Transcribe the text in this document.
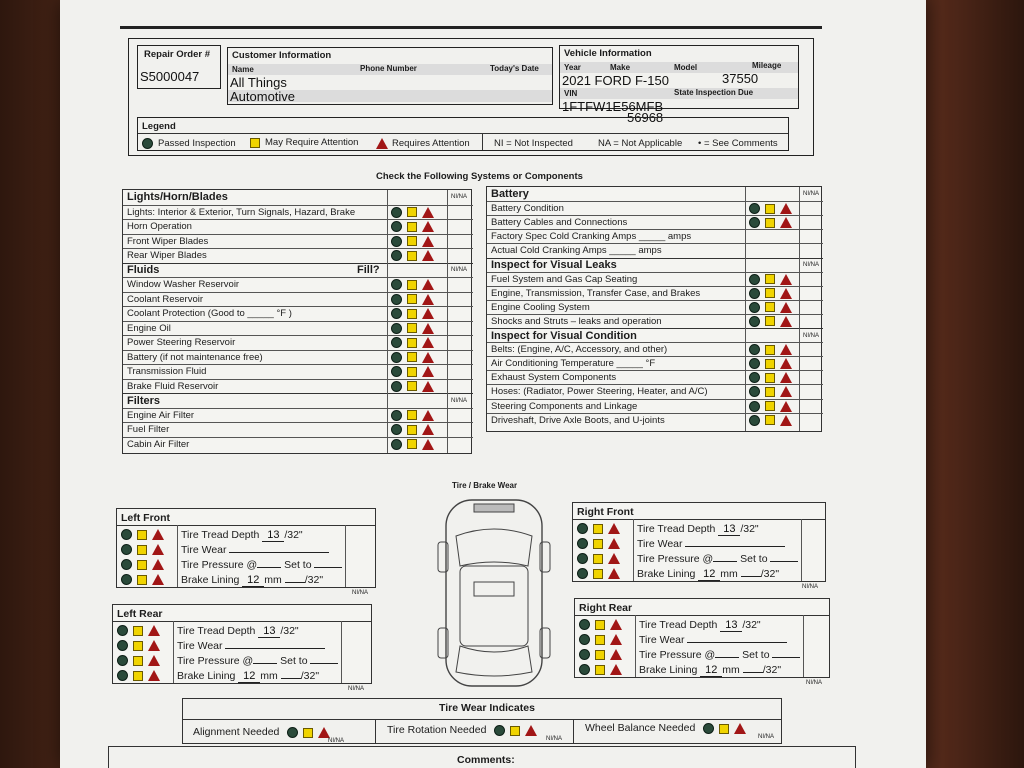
Repair Order #
S5000047
Customer Information
Name	Phone Number	Today's Date
All Things
Automotive
Vehicle Information
Year	Make	Model	Mileage
2021 FORD F-150	37550
VIN	State Inspection Due
1FTFW1E56MFB
56968
Legend
Passed Inspection	May Require Attention	Requires Attention	NI = Not Inspected	NA = Not Applicable • = See Comments
Check the Following Systems or Components
Lights/Horn/Blades	NI/NA
Lights: Interior & Exterior, Turn Signals, Hazard, Brake
Horn Operation
Front Wiper Blades
Rear Wiper Blades
Fluids	Fill?	NI/NA
Window Washer Reservoir
Coolant Reservoir
Coolant Protection (Good to _____ °F )
Engine Oil
Power Steering Reservoir
Battery (if not maintenance free)
Transmission Fluid
Brake Fluid Reservoir
Filters	NI/NA
Engine Air Filter
Fuel Filter
Cabin Air Filter
Battery	NI/NA
Battery Condition
Battery Cables and Connections
Factory Spec Cold Cranking Amps _____ amps
Actual Cold Cranking Amps _____ amps
Inspect for Visual Leaks	NI/NA
Fuel System and Gas Cap Seating
Engine, Transmission, Transfer Case, and Brakes
Engine Cooling System
Shocks and Struts – leaks and operation
Inspect for Visual Condition	NI/NA
Belts: (Engine, A/C, Accessory, and other)
Air Conditioning Temperature _____ °F
Exhaust System Components
Hoses: (Radiator, Power Steering, Heater, and A/C)
Steering Components and Linkage
Driveshaft, Drive Axle Boots, and U-joints
Tire / Brake Wear
Left Front
Tire Tread Depth 13 /32"
Tire Wear
Tire Pressure @	Set to
Brake Lining 12 mm /32"
NI/NA
Left Rear
Tire Tread Depth 13 /32"
Tire Wear
Tire Pressure @	Set to
Brake Lining 12 mm /32"
NI/NA
Right Front
Tire Tread Depth 13 /32"
Tire Wear
Tire Pressure @	Set to
Brake Lining 12 mm /32"
NI/NA
Right Rear
Tire Tread Depth 13 /32"
Tire Wear
Tire Pressure @	Set to
Brake Lining 12 mm /32"
NI/NA
Tire Wear Indicates
Alignment Needed	Tire Rotation Needed	Wheel Balance Needed
NI/NA	NI/NA	NI/NA
Comments:
